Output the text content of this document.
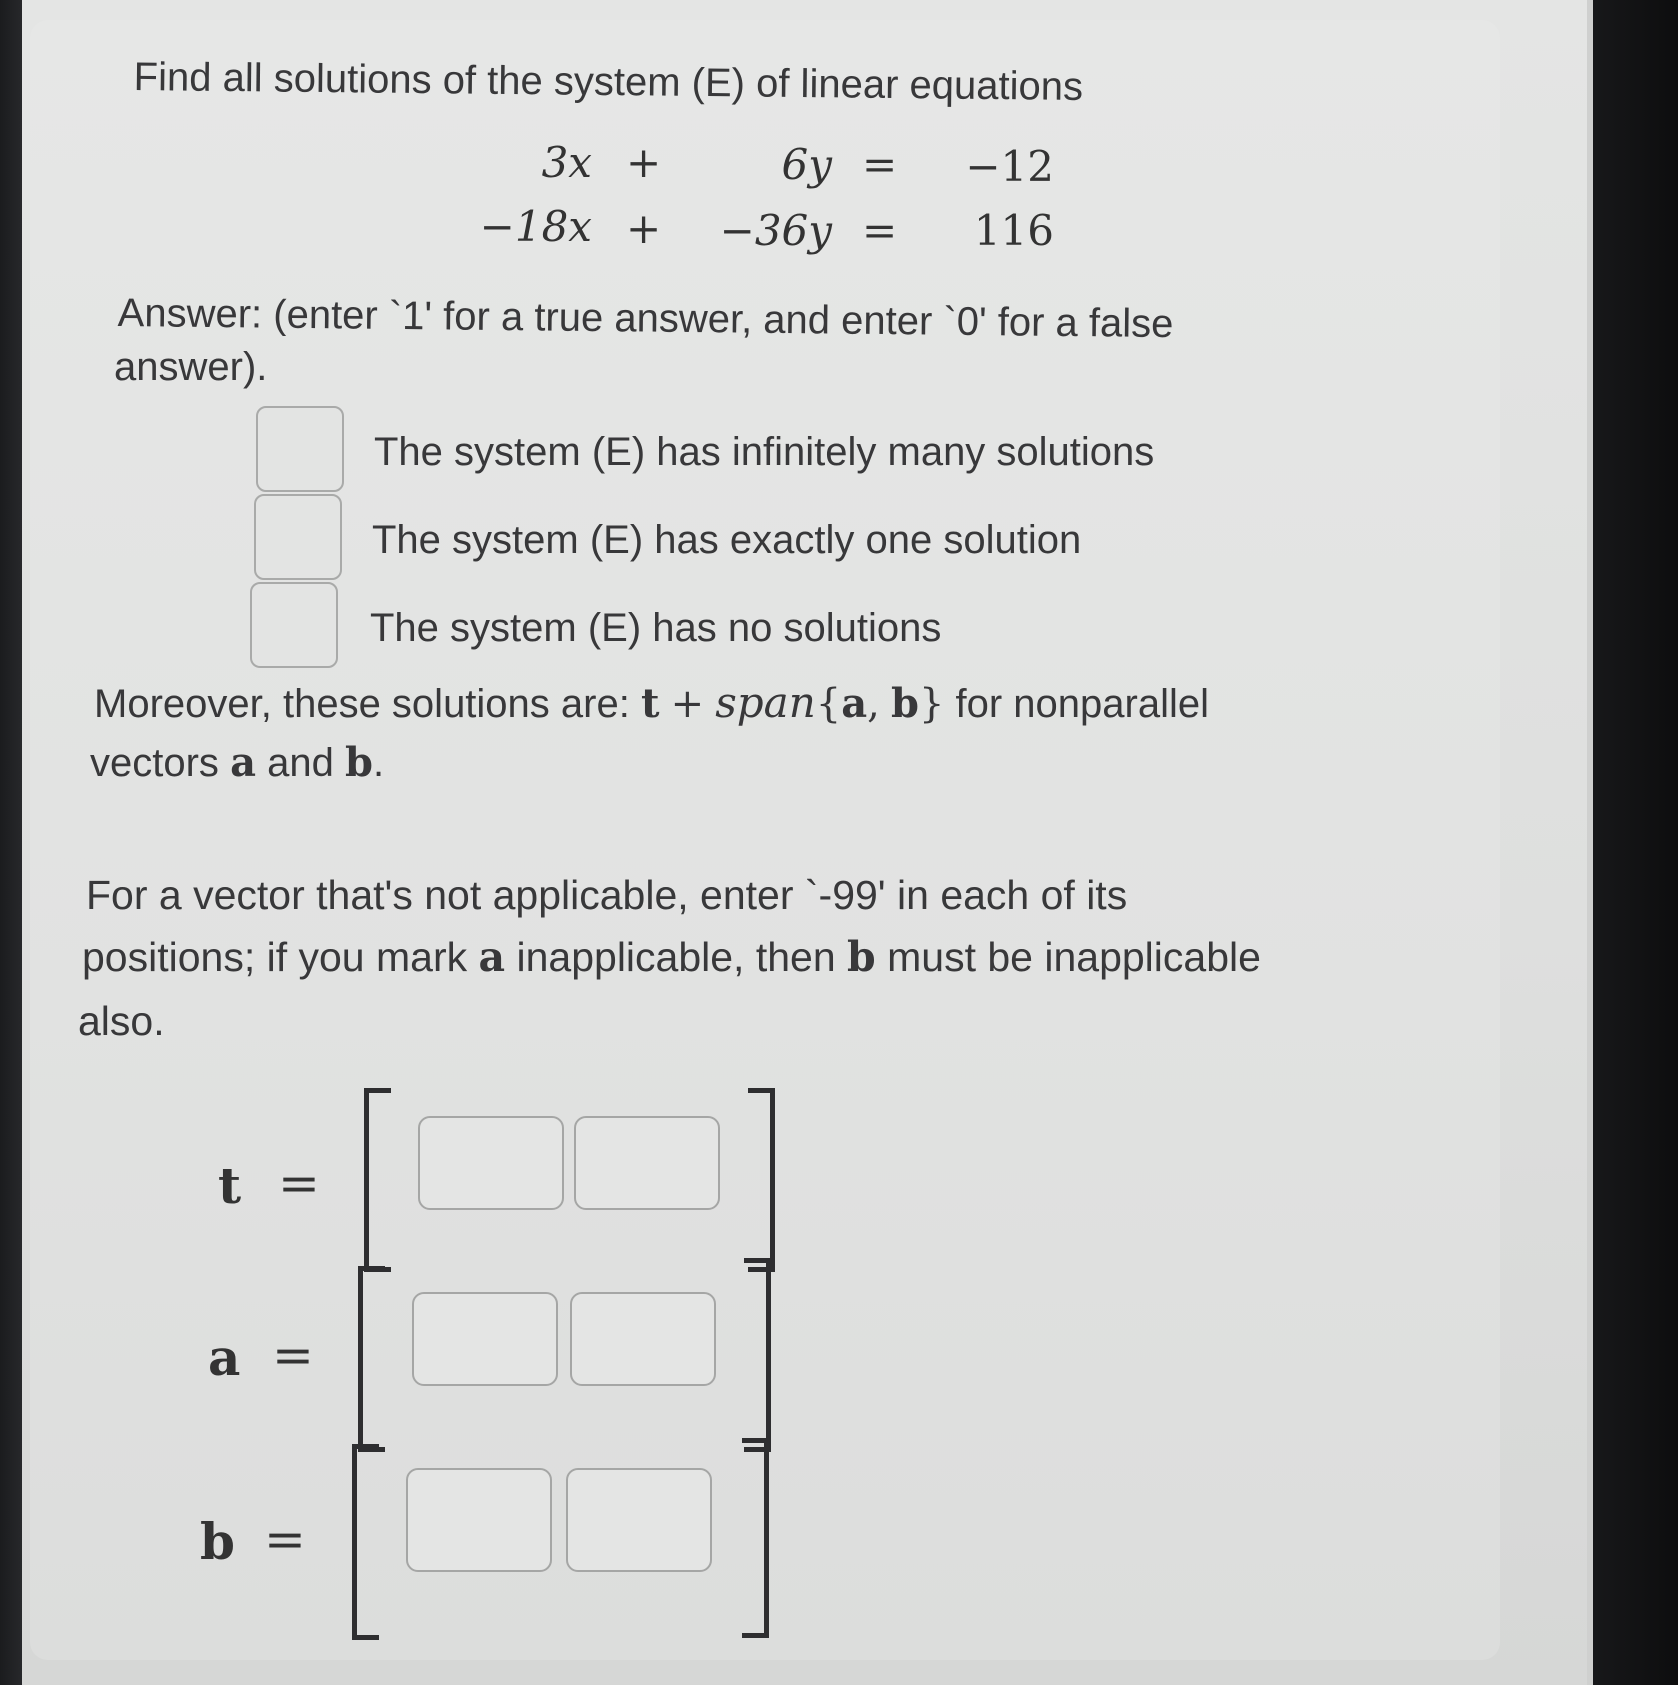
Find all solutions of the system (E) of linear equations
3x +	6y = −12
−18x + −36y = 116
Answer: (enter `1' for a true answer, and enter `0' for a false
answer).
The system (E) has infinitely many solutions
The system (E) has exactly one solution
The system (E) has no solutions
Moreover, these solutions are: t + span{a, b} for nonparallel
vectors a and b.
For a vector that's not applicable, enter `-99' in each of its
positions; if you mark a inapplicable, then b must be inapplicable
also.
t =
a =
b =
